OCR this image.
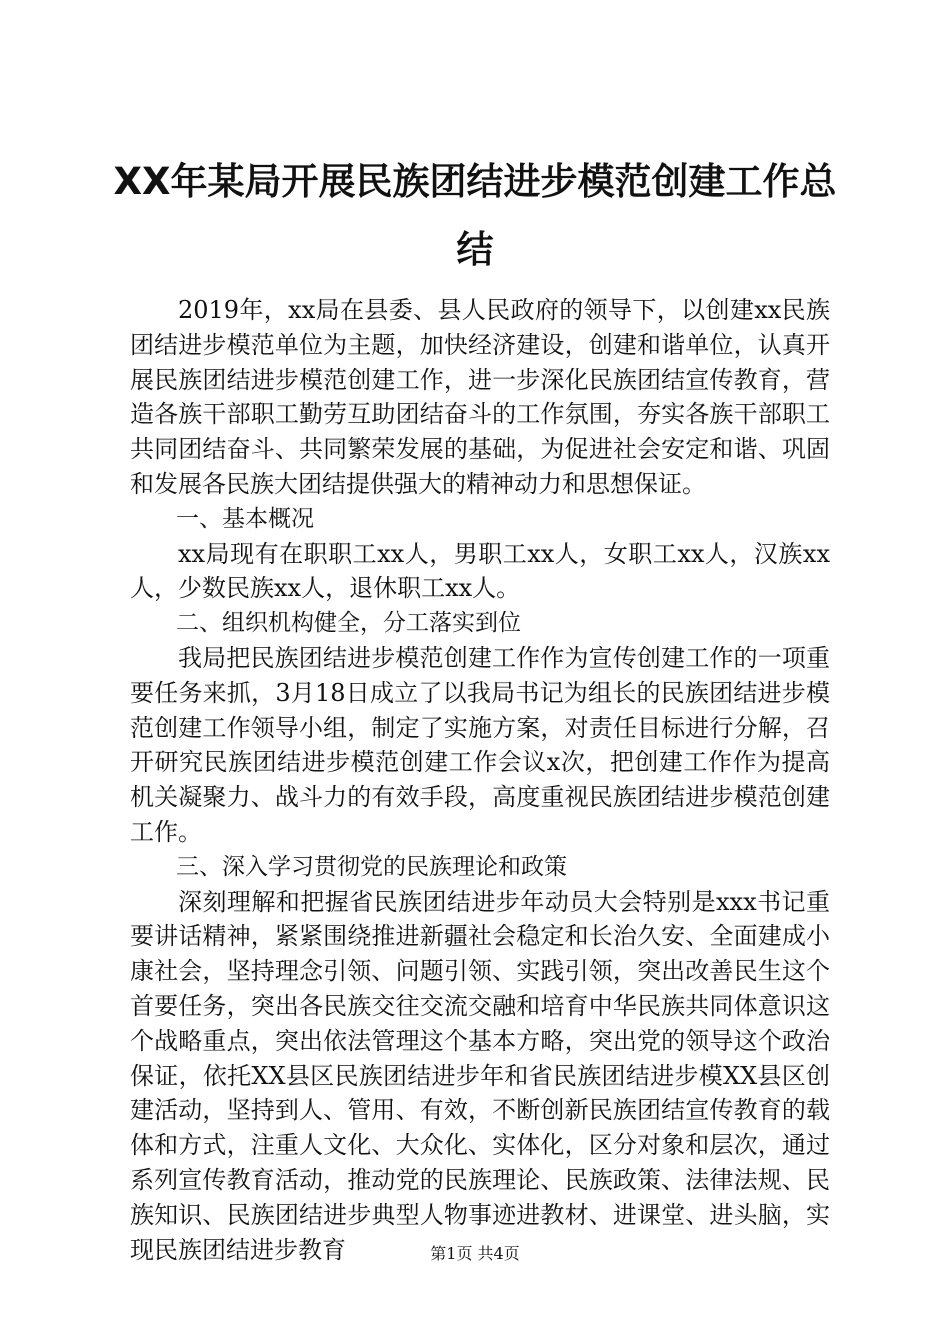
XX年某局开展民族团结进步模范创建工作总结

2019年，xx局在县委、县人民政府的领导下，以创建xx民族团结进步模范单位为主题，加快经济建设，创建和谐单位，认真开展民族团结进步模范创建工作，进一步深化民族团结宣传教育，营造各族干部职工勤劳互助团结奋斗的工作氛围，夯实各族干部职工共同团结奋斗、共同繁荣发展的基础，为促进社会安定和谐、巩固和发展各民族大团结提供强大的精神动力和思想保证。

一、基本概况

xx局现有在职职工xx人，男职工xx人，女职工xx人，汉族xx人，少数民族xx人，退休职工xx人。

二、组织机构健全，分工落实到位

我局把民族团结进步模范创建工作作为宣传创建工作的一项重要任务来抓，3月18日成立了以我局书记为组长的民族团结进步模范创建工作领导小组，制定了实施方案，对责任目标进行分解，召开研究民族团结进步模范创建工作会议x次，把创建工作作为提高机关凝聚力、战斗力的有效手段，高度重视民族团结进步模范创建工作。

三、深入学习贯彻党的民族理论和政策

深刻理解和把握省民族团结进步年动员大会特别是xxx书记重要讲话精神，紧紧围绕推进新疆社会稳定和长治久安、全面建成小康社会，坚持理念引领、问题引领、实践引领，突出改善民生这个首要任务，突出各民族交往交流交融和培育中华民族共同体意识这个战略重点，突出依法管理这个基本方略，突出党的领导这个政治保证，依托XX县区民族团结进步年和省民族团结进步模XX县区创建活动，坚持到人、管用、有效，不断创新民族团结宣传教育的载体和方式，注重人文化、大众化、实体化，区分对象和层次，通过系列宣传教育活动，推动党的民族理论、民族政策、法律法规、民族知识、民族团结进步典型人物事迹进教材、进课堂、进头脑，实现民族团结进步教育	第1页 共4页
